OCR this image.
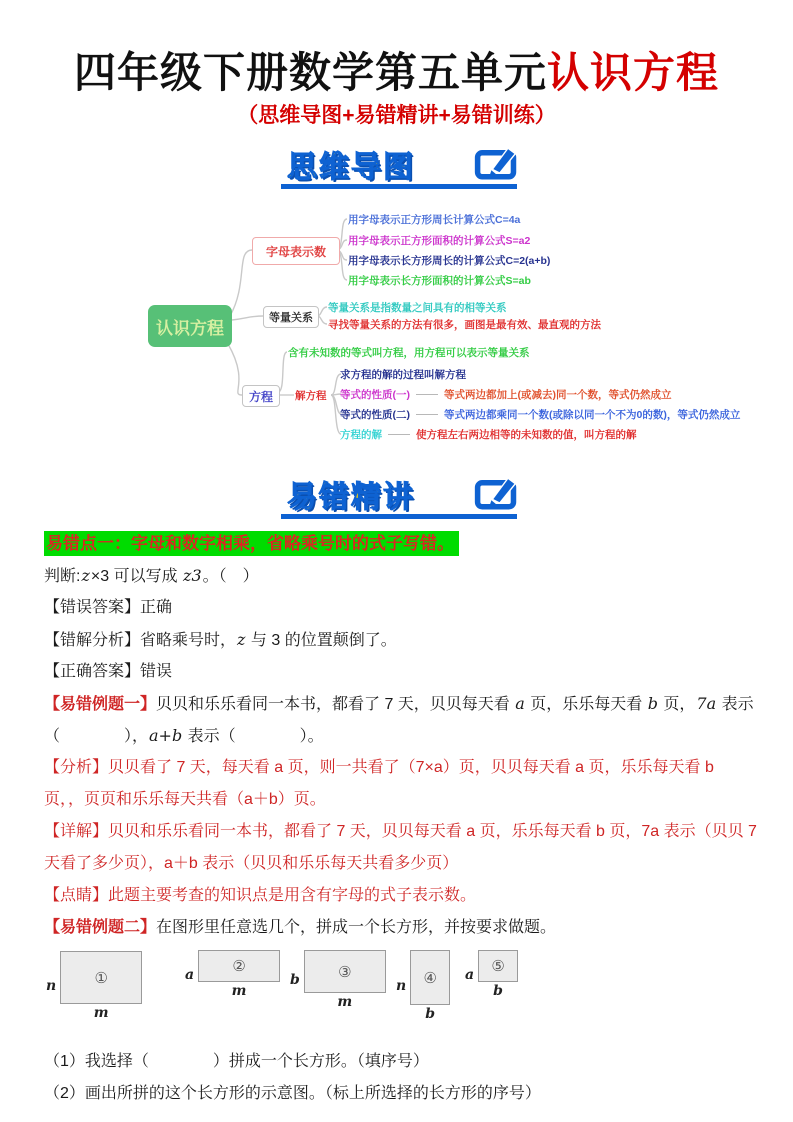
四年级下册数学第五单元认识方程
（思维导图+易错精讲+易错训练）
思维导图
认识方程
字母表示数
用字母表示正方形周长计算公式C=4a
用字母表示正方形面积的计算公式S=a2
用字母表示长方形周长的计算公式C=2(a+b)
用字母表示长方形面积的计算公式S=ab
等量关系
等量关系是指数量之间具有的相等关系
寻找等量关系的方法有很多，画图是最有效、最直观的方法
方程
含有未知数的等式叫方程，用方程可以表示等量关系
解方程
求方程的解的过程叫解方程
等式的性质(一)	等式两边都加上(或减去)同一个数，等式仍然成立
等式的性质(二)	等式两边都乘同一个数(或除以同一个不为0的数)，等式仍然成立
方程的解	使方程左右两边相等的未知数的值，叫方程的解
易错精讲
易错点一：字母和数字相乘，省略乘号时的式子写错。
判断:z×3 可以写成 z3。（　）
【错误答案】正确
【错解分析】省略乘号时，z 与 3 的位置颠倒了。
【正确答案】错误
【易错例题一】贝贝和乐乐看同一本书，都看了 7 天，贝贝每天看 a 页，乐乐每天看 b 页，7a 表示
（　　　　），a+b 表示（　　　　）。
【分析】贝贝看了 7 天，每天看 a 页，则一共看了（7×a）页，贝贝每天看 a 页，乐乐每天看 b
页，，页页和乐乐每天共看（a＋b）页。
【详解】贝贝和乐乐看同一本书，都看了 7 天，贝贝每天看 a 页，乐乐每天看 b 页，7a 表示（贝贝 7
天看了多少页），a＋b 表示（贝贝和乐乐每天共看多少页）
【点睛】此题主要考查的知识点是用含有字母的式子表示数。
【易错例题二】在图形里任意选几个，拼成一个长方形，并按要求做题。
n	①
m
a	②
m
b	③
m
n	④
b
a	⑤
b
（1）我选择（　　　　）拼成一个长方形。（填序号）
（2）画出所拼的这个长方形的示意图。（标上所选择的长方形的序号）
